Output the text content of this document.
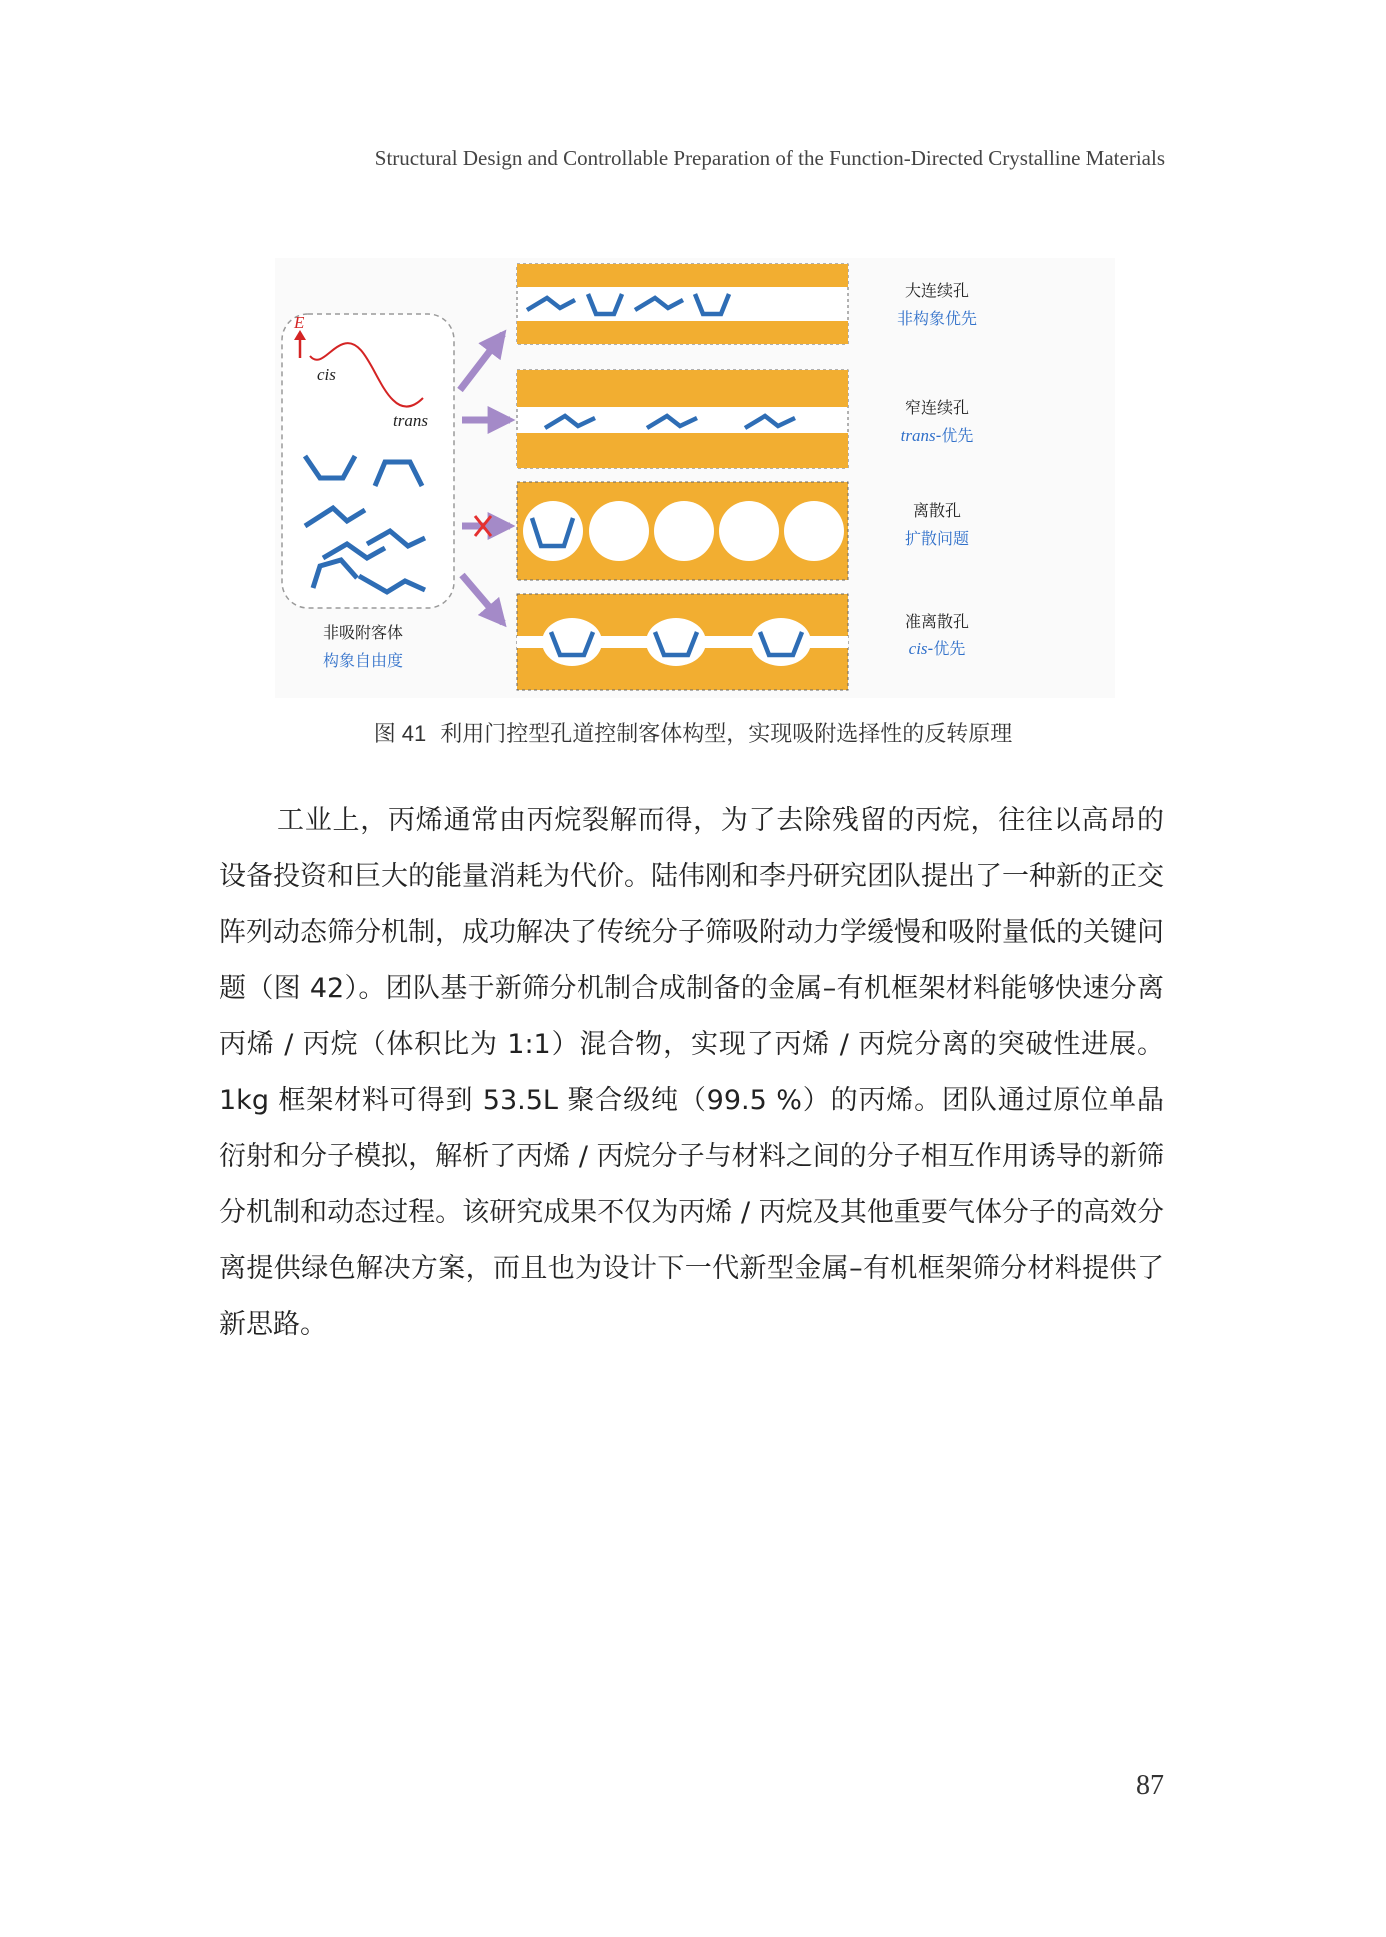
Structural Design and Controllable Preparation of the Function-Directed Crystalline Materials
E
cis
trans
非吸附客体
构象自由度
大连续孔
非构象优先
窄连续孔
trans-优先
离散孔
扩散问题
准离散孔
cis-优先
图 41 利用门控型孔道控制客体构型，实现吸附选择性的反转原理

工业上，丙烯通常由丙烷裂解而得，为了去除残留的丙烷，往往以高昂的设备投资和巨大的能量消耗为代价。陆伟刚和李丹研究团队提出了一种新的正交阵列动态筛分机制，成功解决了传统分子筛吸附动力学缓慢和吸附量低的关键问题（图 42）。团队基于新筛分机制合成制备的金属–有机框架材料能够快速分离丙烯 / 丙烷（体积比为 1:1）混合物，实现了丙烯 / 丙烷分离的突破性进展。1kg 框架材料可得到 53.5L 聚合级纯（99.5 %）的丙烯。团队通过原位单晶衍射和分子模拟，解析了丙烯 / 丙烷分子与材料之间的分子相互作用诱导的新筛分机制和动态过程。该研究成果不仅为丙烯 / 丙烷及其他重要气体分子的高效分离提供绿色解决方案，而且也为设计下一代新型金属–有机框架筛分材料提供了新思路。

87
